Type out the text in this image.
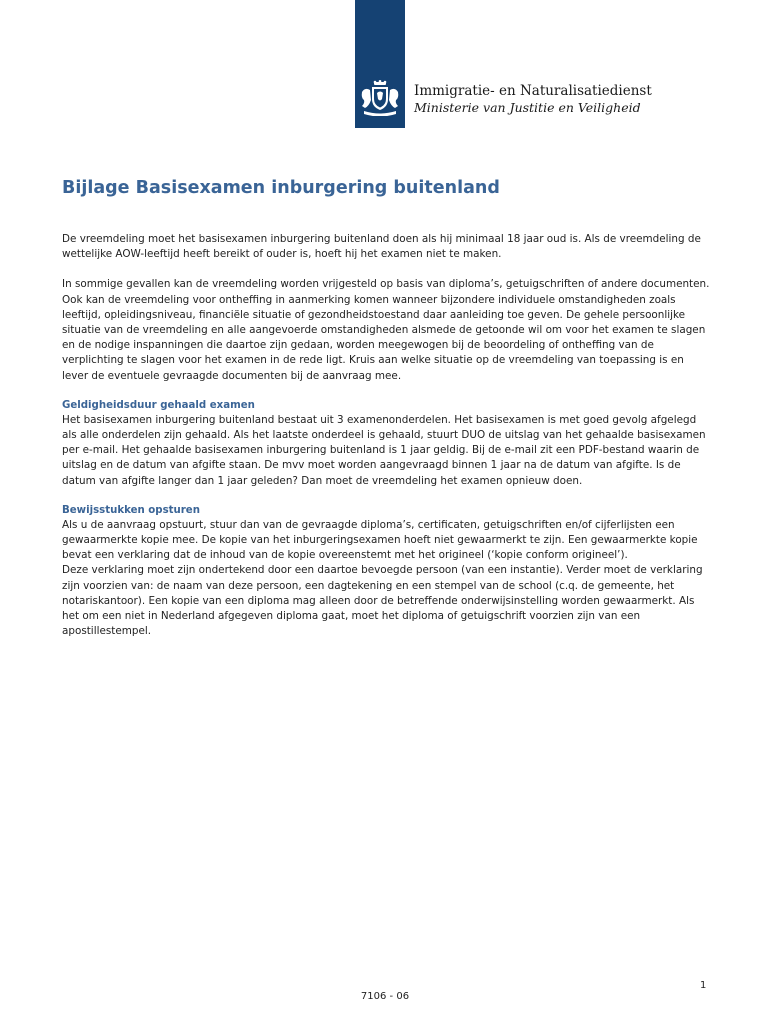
Immigratie- en Naturalisatiedienst
Ministerie van Justitie en Veiligheid
Bijlage Basisexamen inburgering buitenland

De vreemdeling moet het basisexamen inburgering buitenland doen als hij minimaal 18 jaar oud is. Als de vreemdeling de wettelijke AOW-leeftijd heeft bereikt of ouder is, hoeft hij het examen niet te maken.

In sommige gevallen kan de vreemdeling worden vrijgesteld op basis van diploma’s, getuigschriften of andere documenten. Ook kan de vreemdeling voor ontheffing in aanmerking komen wanneer bijzondere individuele omstandigheden zoals leeftijd, opleidingsniveau, financiële situatie of gezondheidstoestand daar aanleiding toe geven. De gehele persoonlijke situatie van de vreemdeling en alle aangevoerde omstandigheden alsmede de getoonde wil om voor het examen te slagen en de nodige inspanningen die daartoe zijn gedaan, worden meegewogen bij de beoordeling of ontheffing van de verplichting te slagen voor het examen in de rede ligt. Kruis aan welke situatie op de vreemdeling van toepassing is en lever de eventuele gevraagde documenten bij de aanvraag mee.

Geldigheidsduur gehaald examen
Het basisexamen inburgering buitenland bestaat uit 3 examenonderdelen. Het basisexamen is met goed gevolg afgelegd als alle onderdelen zijn gehaald. Als het laatste onderdeel is gehaald, stuurt DUO de uitslag van het gehaalde basisexamen per e-mail. Het gehaalde basisexamen inburgering buitenland is 1 jaar geldig. Bij de e-mail zit een PDF-bestand waarin de uitslag en de datum van afgifte staan. De mvv moet worden aangevraagd binnen 1 jaar na de datum van afgifte. Is de datum van afgifte langer dan 1 jaar geleden? Dan moet de vreemdeling het examen opnieuw doen.
Bewijsstukken opsturen
Als u de aanvraag opstuurt, stuur dan van de gevraagde diploma’s, certificaten, getuigschriften en/of cijferlijsten een gewaarmerkte kopie mee. De kopie van het inburgeringsexamen hoeft niet gewaarmerkt te zijn. Een gewaarmerkte kopie bevat een verklaring dat de inhoud van de kopie overeenstemt met het origineel (‘kopie conform origineel’).
Deze verklaring moet zijn ondertekend door een daartoe bevoegde persoon (van een instantie). Verder moet de verklaring zijn voorzien van: de naam van deze persoon, een dagtekening en een stempel van de school (c.q. de gemeente, het notariskantoor). Een kopie van een diploma mag alleen door de betreffende onderwijsinstelling worden gewaarmerkt. Als het om een niet in Nederland afgegeven diploma gaat, moet het diploma of getuigschrift voorzien zijn van een apostillestempel.
1
7106 - 06
